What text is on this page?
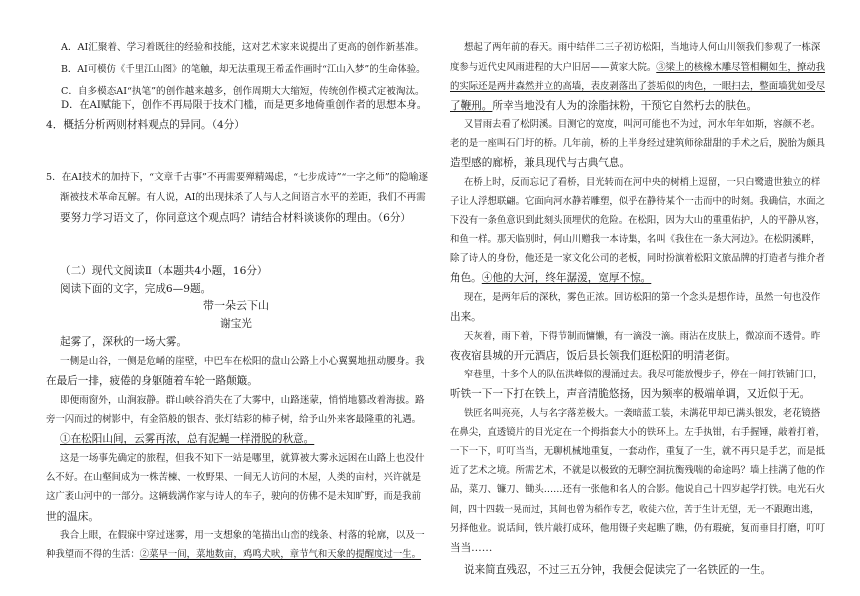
A．AI汇聚着、学习着既往的经验和技能，这对艺术家来说提出了更高的创作新基准。
B．AI可模仿《千里江山图》的笔触，却无法重现王希孟作画时“江山入梦”的生命体验。
C．自多模态AI“执笔”的创作越来越多，创作周期大大缩短，传统创作模式定被淘汰。
D．在AI赋能下，创作不再局限于技术门槛，而是更多地倚重创作者的思想本身。
4．概括分析两则材料观点的异同。（4分）
5．在AI技术的加持下，“文章千古事”不再需要殚精竭虑，“七步成诗”“一字之师”的隐喻逐
渐被技术革命瓦解。有人说，AI的出现抹杀了人与人之间语言水平的差距，我们不再需
要努力学习语文了，你同意这个观点吗？请结合材料谈谈你的理由。（6分）
（二）现代文阅读Ⅱ（本题共4小题，16分）
阅读下面的文字，完成6—9题。
带一朵云下山
谢宝光
起雾了，深秋的一场大雾。
一侧是山谷，一侧是危崤的崖壁，中巴车在松阳的盘山公路上小心翼翼地扭动腰身。我
在最后一排，疲倦的身躯随着车轮一路颠簸。
即便雨窗外，山涧寂静。群山峡谷消失在了大雾中，山路迷蒙，悄悄地篡改着海拔。路
旁一闪而过的树影中，有金箔般的银杏、张灯结彩的柿子树，给予山外来客最隆重的礼遇。
①在松阳山间，云雾再浓，总有泥蝇一样滑脱的秋意。
这是一场事先确定的旅程，但我不知下一站是哪里，就算被大雾永远困在山路上也没什
么不好。在山壑间成为一株苦楝、一枚野果、一间无人访问的木屋，人类的亩村，兴许就是
这广袤山河中的一部分。这辆载满作家与诗人的车子，驶向的仿佛不是未知旷野，而是我前
世的温床。
我合上眼，在假寐中穿过迷雾，用一支想象的笔描出山峦的线条、村落的轮廓，以及一
种我望而不得的生活：②菜早一间，菜地数亩，鸡鸣犬吠，章节气和天象的提醒度过一生。
想起了两年前的春天。雨中结伴二三子初访松阳，当地诗人何山川领我们参观了一栋深
度参与近代史风雨进程的大户旧居——黄家大院。③梁上的核椽木雕尽管相糊如生，撩动我
的实际还是两井森然并立的高墙，表皮剥落出了荟垢似的肉色，一眼扫去，整面墙犹如受尽
了鞭刑。所幸当地没有人为的涂脂抹粉，干预它自然朽去的肤色。
又冒雨去看了松阴溪。目测它的宽度，叫河可能也不为过，河水年年如斯，容颜不老。
老的是一座叫石门圩的桥。几年前，桥的上半身经过建筑师徐甜甜的手术之后，脱胎为颇具
造型感的廊桥，兼具现代与古典气息。
在桥上时，反而忘记了看桥，目光转而在河中央的树梢上逗留，一只白鹭遗世独立的样
子让人浮想联翩。它面向河水静若雕塑，似乎在静待某个一击而中的时刻。我确信，水面之
下没有一条鱼意识到此刻头顶埋伏的危险。在松阳，因为大山的重重佑护，人的平静从容，
和鱼一样。那天临别时，何山川赠我一本诗集，名叫《我住在一条大河边》。在松阴溪畔，
除了诗人的身份，他还是一家文化公司的老板，同时扮演着松阳文旅品牌的打造者与推介者
角色。④他的大河，终年潺湲，宽厚不惊。
现在，是两年后的深秋，雾色正浓。回访松阳的第一个念头是想作诗，虽然一句也没作
出来。
天灰着，雨下着，下得节制而慵懒，有一滴没一滴。雨沾在皮肤上，微凉而不透骨。昨
夜夜宿县城的开元酒店，饭后县长领我们逛松阳的明清老街。
窄巷里，十多个人的队伍洪峰似的漫涌过去。我尽可能放慢步子，停在一间打铁铺门口，
听铁一下一下打在铁上，声音清脆悠扬，因为频率的极端单调，又近似于无。
铁匠名叫亮亮，人与名字落差极大。一袭暗蓝工装，未满花甲却已满头银发，老花镜搭
在鼻尖，直透镜片的目光定在一个拇指套大小的铁环上。左手执钳，右手握锤，敲着打着，
一下一下，叮叮当当，无聊机械地重复，一套动作，重复了一生，就不再只是手艺，而是抵
近了艺术之境。所需艺术，不就是以极致的无聊空洞抗衡残喘的命途吗？墙上挂满了他的作
品，菜刀、镰刀、锄头……还有一张他和名人的合影。他说自己十四岁起学打铁。电光石火
间，四十四载一晃而过，其间也曾为稻作专艺，收徒六位，苦于生计无望，无一不跟跑出逃，
另择他业。说话间，铁片敲打成环，他用镊子夹起瞧了瞧，仍有瑕疵，复而垂目打磨，叮叮
当当……
说来简直残忍，不过三五分钟，我便会促读完了一名铁匠的一生。
